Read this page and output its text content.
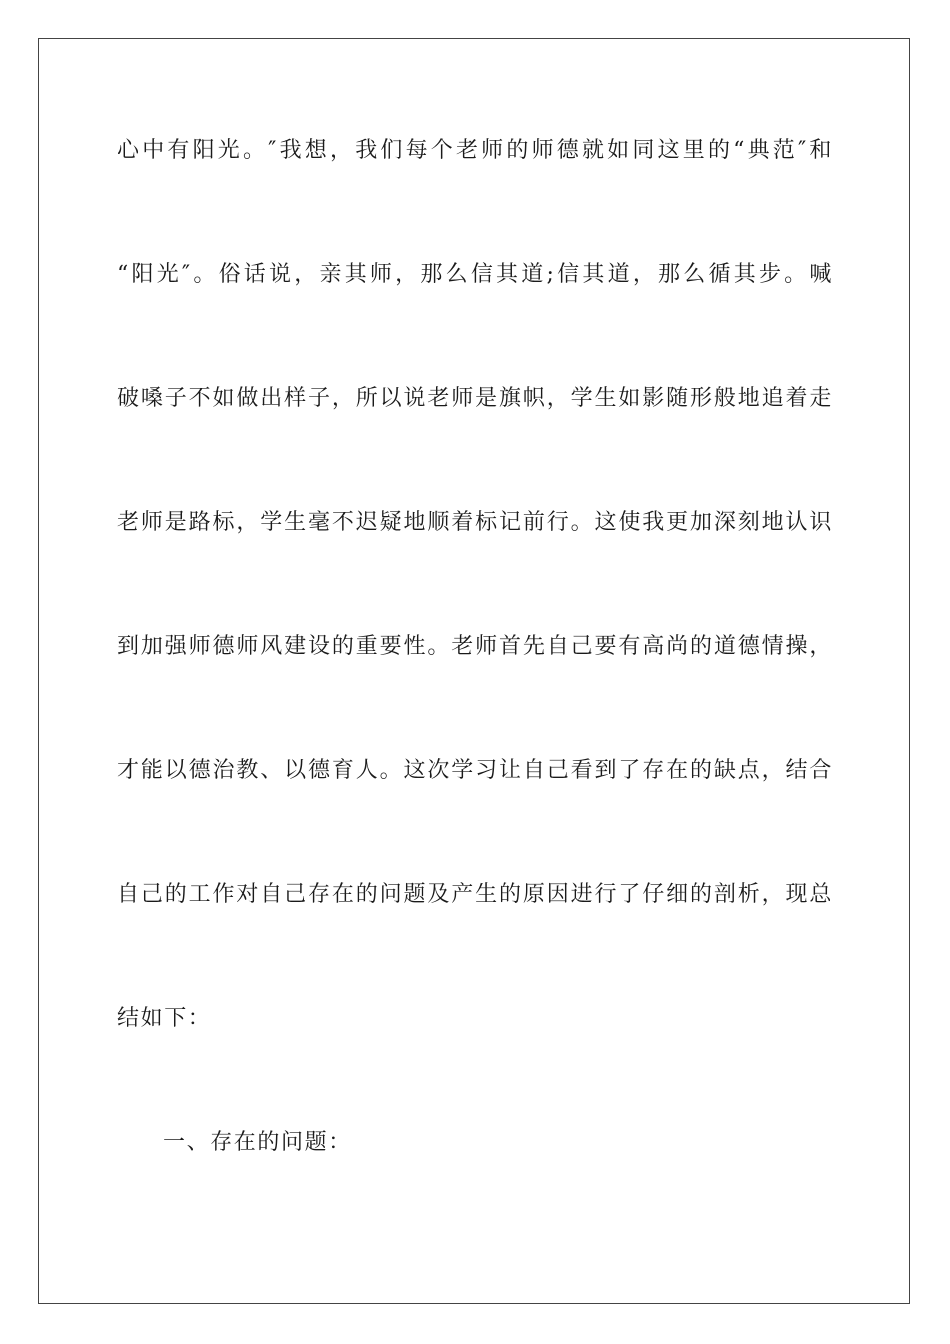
心中有阳光。″我想，我们每个老师的师德就如同这里的“典范″和
“阳光″。俗话说，亲其师，那么信其道;信其道，那么循其步。喊
破嗓子不如做出样子，所以说老师是旗帜，学生如影随形般地追着走
老师是路标，学生毫不迟疑地顺着标记前行。这使我更加深刻地认识
到加强师德师风建设的重要性。老师首先自己要有高尚的道德情操，
才能以德治教、以德育人。这次学习让自己看到了存在的缺点，结合
自己的工作对自己存在的问题及产生的原因进行了仔细的剖析，现总
结如下：
一、存在的问题：
